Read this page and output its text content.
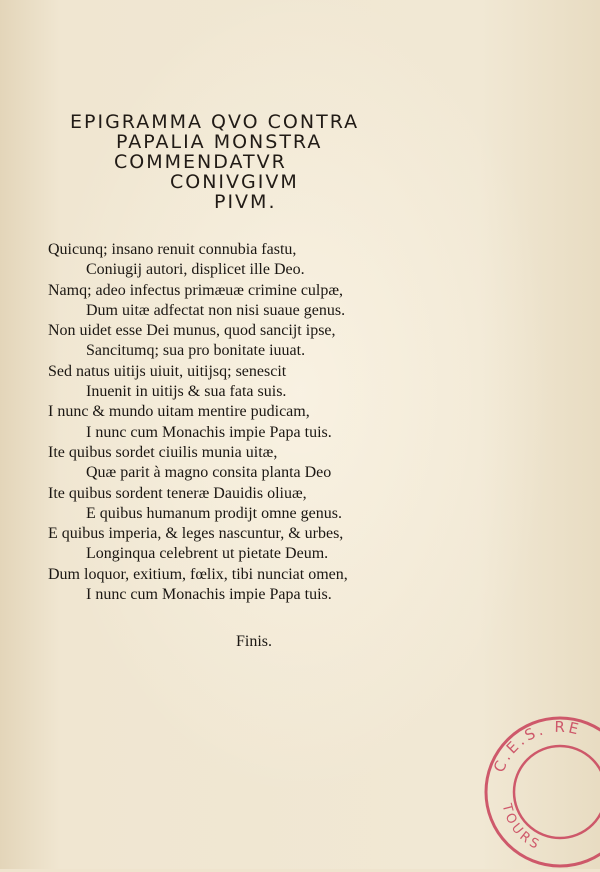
EPIGRAMMA QVO CONTRA
PAPALIA MONSTRA
COMMENDATVR
CONIVGIVM
PIVM.
Quicunq; insano renuit connubia fastu,
Coniugij autori, displicet ille Deo.
Namq; adeo infectus primæuæ crimine culpæ,
Dum uitæ adfectat non nisi suaue genus.
Non uidet esse Dei munus, quod sancijt ipse,
Sancitumq; sua pro bonitate iuuat.
Sed natus uitijs uiuit, uitijsq; senescit
Inuenit in uitijs & sua fata suis.
I nunc & mundo uitam mentire pudicam,
I nunc cum Monachis impie Papa tuis.
Ite quibus sordet ciuilis munia uitæ,
Quæ parit à magno consita planta Deo
Ite quibus sordent teneræ Dauidis oliuæ,
E quibus humanum prodijt omne genus.
E quibus imperia, & leges nascuntur, & urbes,
Longinqua celebrent ut pietate Deum.
Dum loquor, exitium, fœlix, tibi nunciat omen,
I nunc cum Monachis impie Papa tuis.
Finis.
C.E.S. RE
TOURS
